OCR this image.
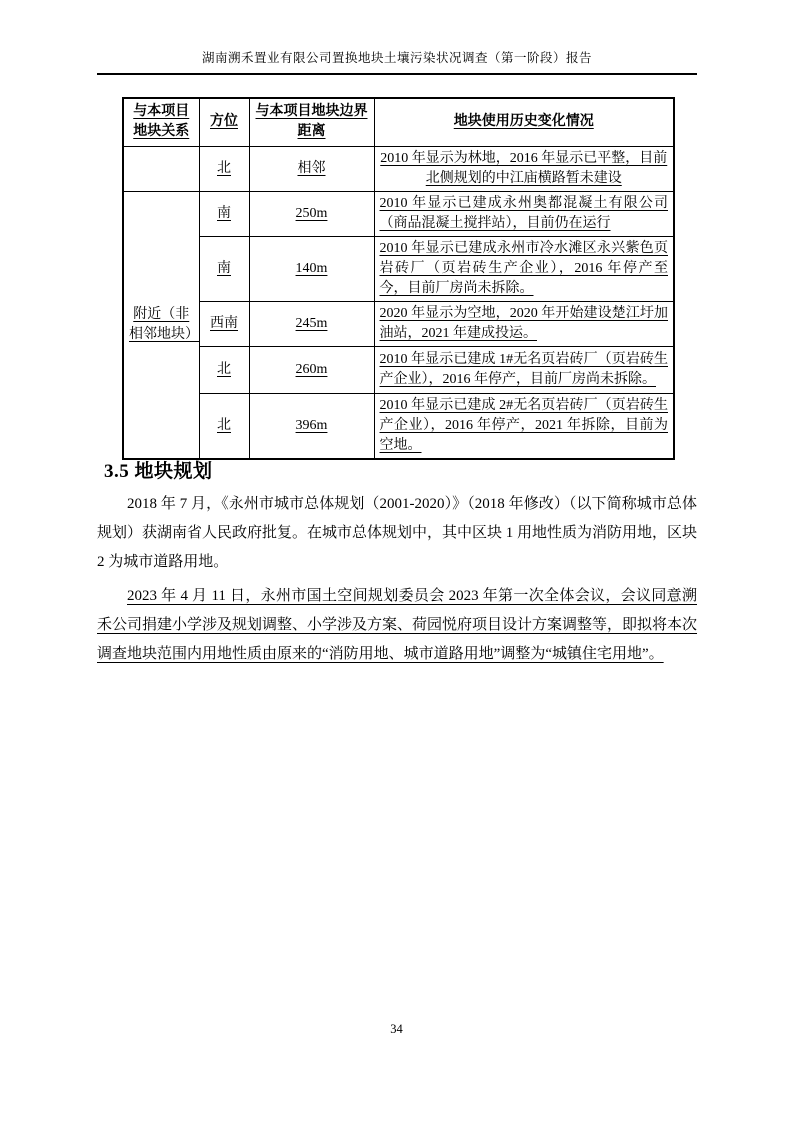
湖南溯禾置业有限公司置换地块土壤污染状况调查（第一阶段）报告
与本项目地块关系	方位	与本项目地块边界距离	地块使用历史变化情况
	北	相邻	2010 年显示为林地，2016 年显示已平整，目前北侧规划的中江庙横路暂未建设
附近（非相邻地块）	南	250m	2010 年显示已建成永州奥都混凝土有限公司（商品混凝土搅拌站），目前仍在运行
	南	140m	2010 年显示已建成永州市冷水滩区永兴紫色页岩砖厂（页岩砖生产企业），2016 年停产至今，目前厂房尚未拆除。
	西南	245m	2020 年显示为空地，2020 年开始建设楚江圩加油站，2021 年建成投运。
	北	260m	2010 年显示已建成 1#无名页岩砖厂（页岩砖生产企业），2016 年停产，目前厂房尚未拆除。
	北	396m	2010 年显示已建成 2#无名页岩砖厂（页岩砖生产企业），2016 年停产，2021 年拆除，目前为空地。
3.5 地块规划

2018 年 7 月，《永州市城市总体规划（2001-2020）》（2018 年修改）（以下简称城市总体规划）获湖南省人民政府批复。在城市总体规划中，其中区块 1 用地性质为消防用地，区块 2 为城市道路用地。

2023 年 4 月 11 日，永州市国土空间规划委员会 2023 年第一次全体会议，会议同意溯禾公司捐建小学涉及规划调整、小学涉及方案、荷园悦府项目设计方案调整等，即拟将本次调查地块范围内用地性质由原来的“消防用地、城市道路用地”调整为“城镇住宅用地”。

34
